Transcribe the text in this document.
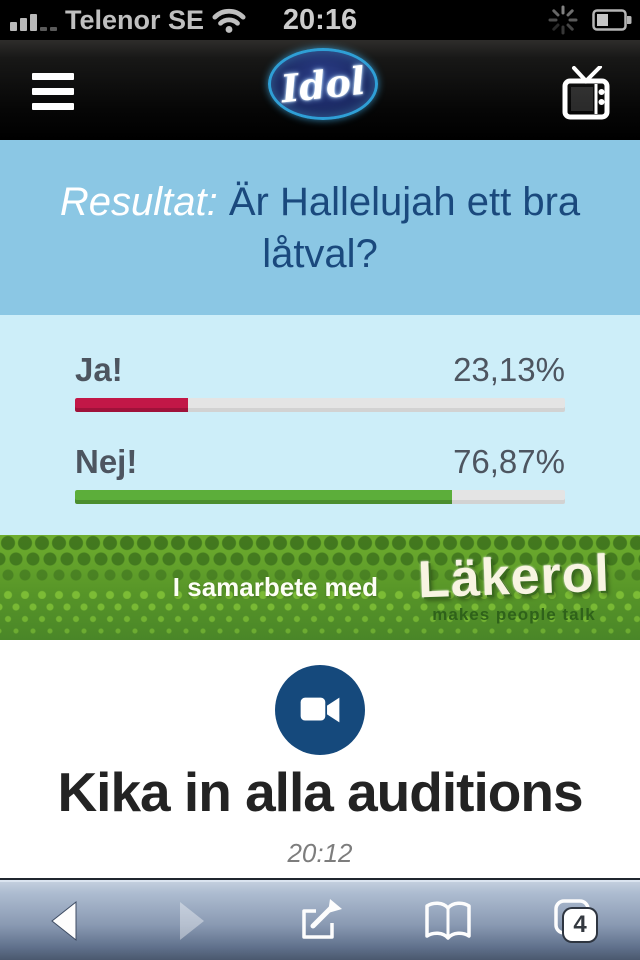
Telenor SE	20:16
Idol
Resultat: Är Hallelujah ett bra låtval?
Ja!	23,13%
Nej!	76,87%
I samarbete med Läkerol
makes people talk
Kika in alla auditions
20:12
4
